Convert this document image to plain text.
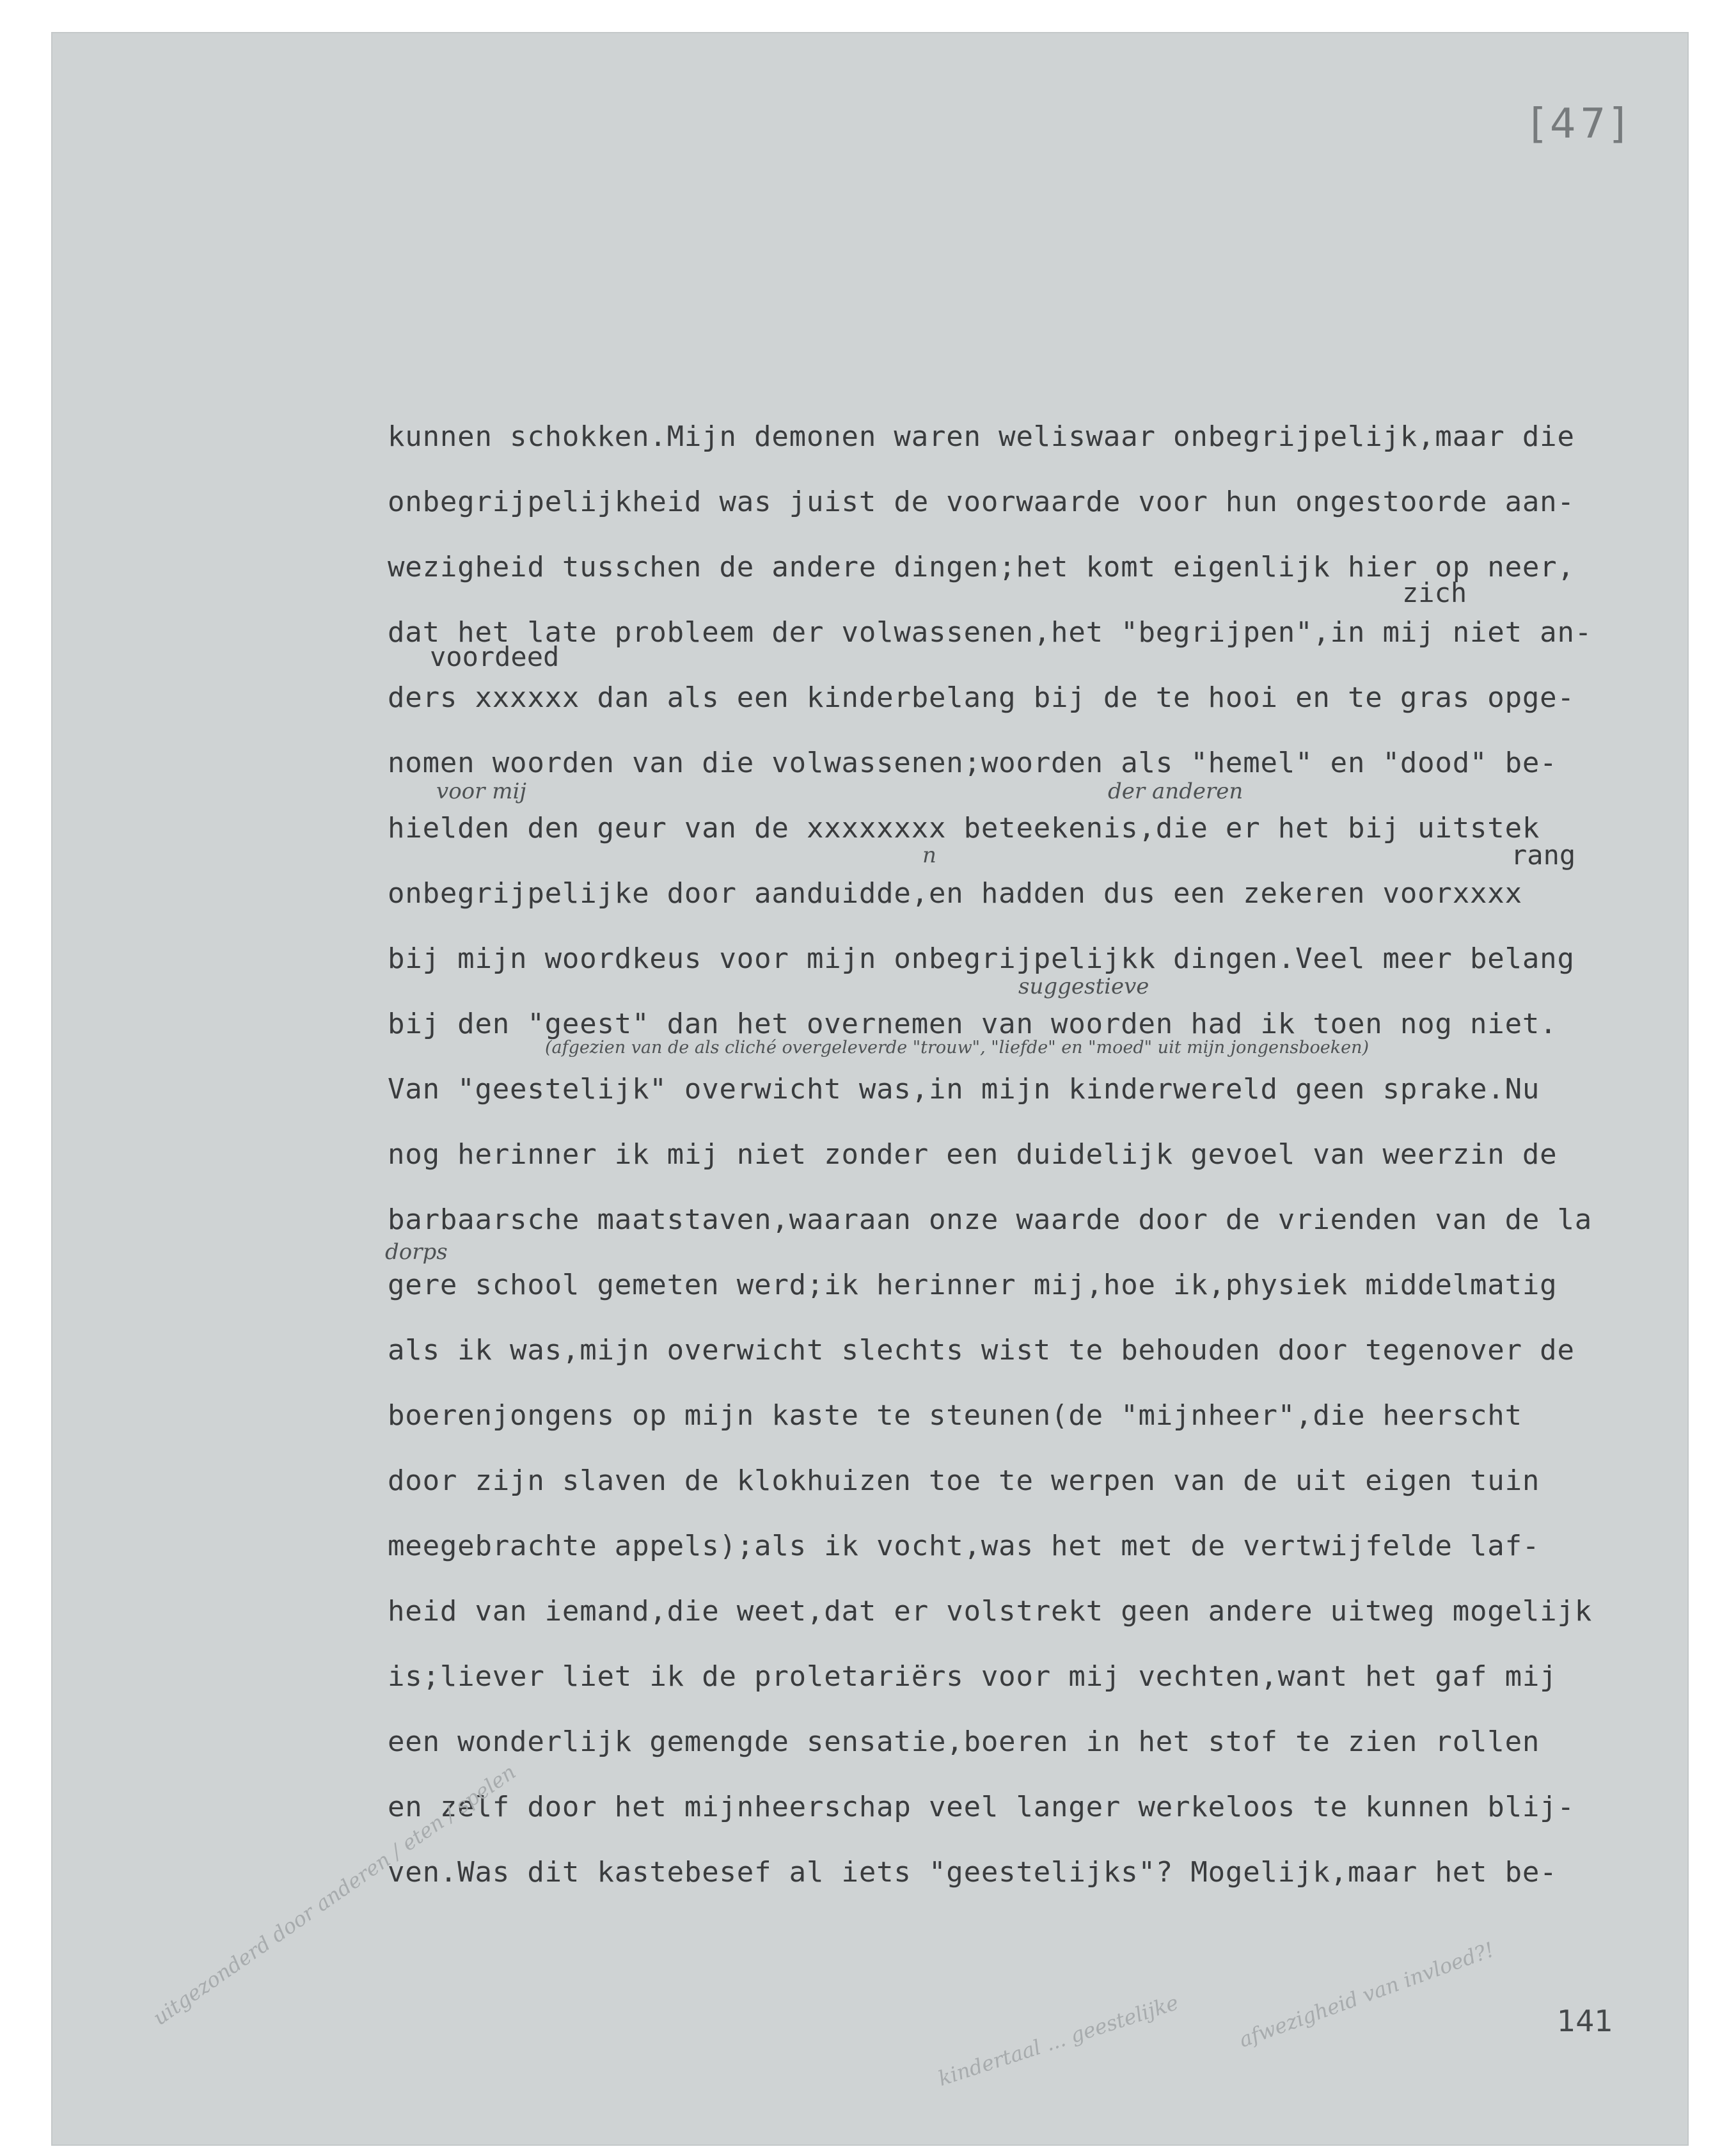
[47]
kunnen schokken.Mijn demonen waren weliswaar onbegrijpelijk,maar die
onbegrijpelijkheid was juist de voorwaarde voor hun ongestoorde aan-
wezigheid tusschen de andere dingen;het komt eigenlijk hier op neer,
dat het late probleem der volwassenen,het "begrijpen",in mij niet an-
ders xxxxxx dan als een kinderbelang bij de te hooi en te gras opge-
nomen woorden van die volwassenen;woorden als "hemel" en "dood" be-
hielden den geur van de xxxxxxxx beteekenis,die er het bij uitstek
onbegrijpelijke door aanduidde,en hadden dus een zekeren voorxxxx
bij mijn woordkeus voor mijn onbegrijpelijkk dingen.Veel meer belang
bij den "geest" dan het overnemen van woorden had ik toen nog niet.
Van "geestelijk" overwicht was,in mijn kinderwereld geen sprake.Nu
nog herinner ik mij niet zonder een duidelijk gevoel van weerzin de
barbaarsche maatstaven,waaraan onze waarde door de vrienden van de la
gere school gemeten werd;ik herinner mij,hoe ik,physiek middelmatig
als ik was,mijn overwicht slechts wist te behouden door tegenover de
boerenjongens op mijn kaste te steunen(de "mijnheer",die heerscht
door zijn slaven de klokhuizen toe te werpen van de uit eigen tuin
meegebrachte appels);als ik vocht,was het met de vertwijfelde laf-
heid van iemand,die weet,dat er volstrekt geen andere uitweg mogelijk
is;liever liet ik de proletariërs voor mij vechten,want het gaf mij
een wonderlijk gemengde sensatie,boeren in het stof te zien rollen
en zelf door het mijnheerschap veel langer werkeloos te kunnen blij-
ven.Was dit kastebesef al iets "geestelijks"? Mogelijk,maar het be-
zich
voordeed
rang
voor mij	der anderen
n
suggestieve
(afgezien van de als cliché overgeleverde "trouw", "liefde" en "moed" uit mijn jongensboeken)
dorps
uitgezonderd door anderen / eten / spelen
kindertaal ... geestelijke	afwezigheid van invloed?! 141
